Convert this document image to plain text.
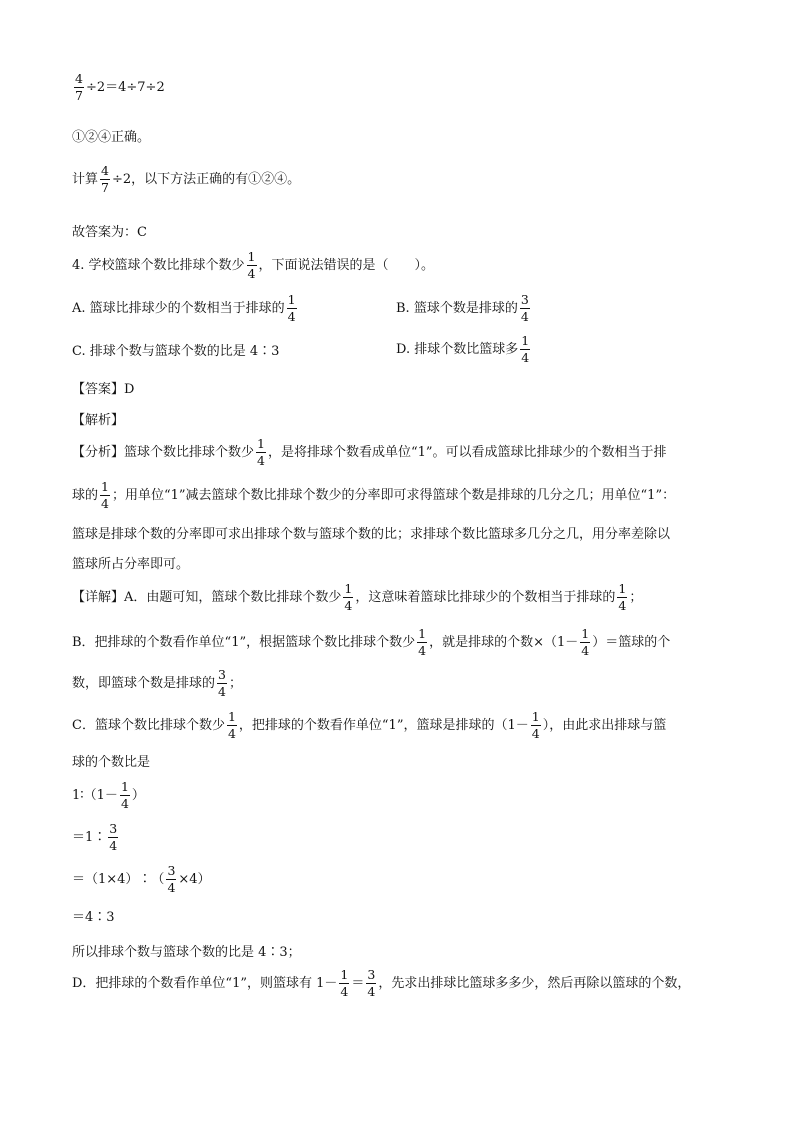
$\frac{4}{7} \div 2=4\div 7\div 2$
①②④正确。
计算 $\frac{4}{7} \div 2$，以下方法正确的有①②④。
故答案为：C
4. 学校篮球个数比排球个数少 $\frac{1}{4}$ ，下面说法错误的是（　　）。
A. 篮球比排球少的个数相当于排球的 $\frac{1}{4}$	B. 篮球个数是排球的 $\frac{3}{4}$
C. 排球个数与篮球个数的比是 4∶3	D. 排球个数比篮球多 $\frac{1}{4}$
【答案】D
【解析】
【分析】篮球个数比排球个数少 $\frac{1}{4}$ ，是将排球个数看成单位“1”。可以看成篮球比排球少的个数相当于排
球的 $\frac{1}{4}$ ；用单位“1”减去篮球个数比排球个数少的分率即可求得篮球个数是排球的几分之几；用单位“1”：
篮球是排球个数的分率即可求出排球个数与篮球个数的比；求排球个数比篮球多几分之几，用分率差除以
篮球所占分率即可。
【详解】A．由题可知，篮球个数比排球个数少 $\frac{1}{4}$ ，这意味着篮球比排球少的个数相当于排球的 $\frac{1}{4}$ ；
B．把排球的个数看作单位“1”，根据篮球个数比排球个数少 $\frac{1}{4}$ ，就是排球的个数$\times(1- \frac{1}{4}$ ）＝篮球的个
数，即篮球个数是排球的 $\frac{3}{4}$ ；
C．篮球个数比排球个数少 $\frac{1}{4}$ ，把排球的个数看作单位“1”，篮球是排球的（$1- \frac{1}{4}$ ），由此求出排球与篮
球的个数比是
1∶（1－ $\frac{1}{4}$ ）
＝1∶ $\frac{3}{4}$
＝（1×4）∶（ $\frac{3}{4} \times 4$）
＝4∶3
所以排球个数与篮球个数的比是 4∶3；
D．把排球的个数看作单位“1”，则篮球有 $1- \frac{1}{4} = \frac{3}{4}$ ，先求出排球比篮球多多少，然后再除以篮球的个数，
